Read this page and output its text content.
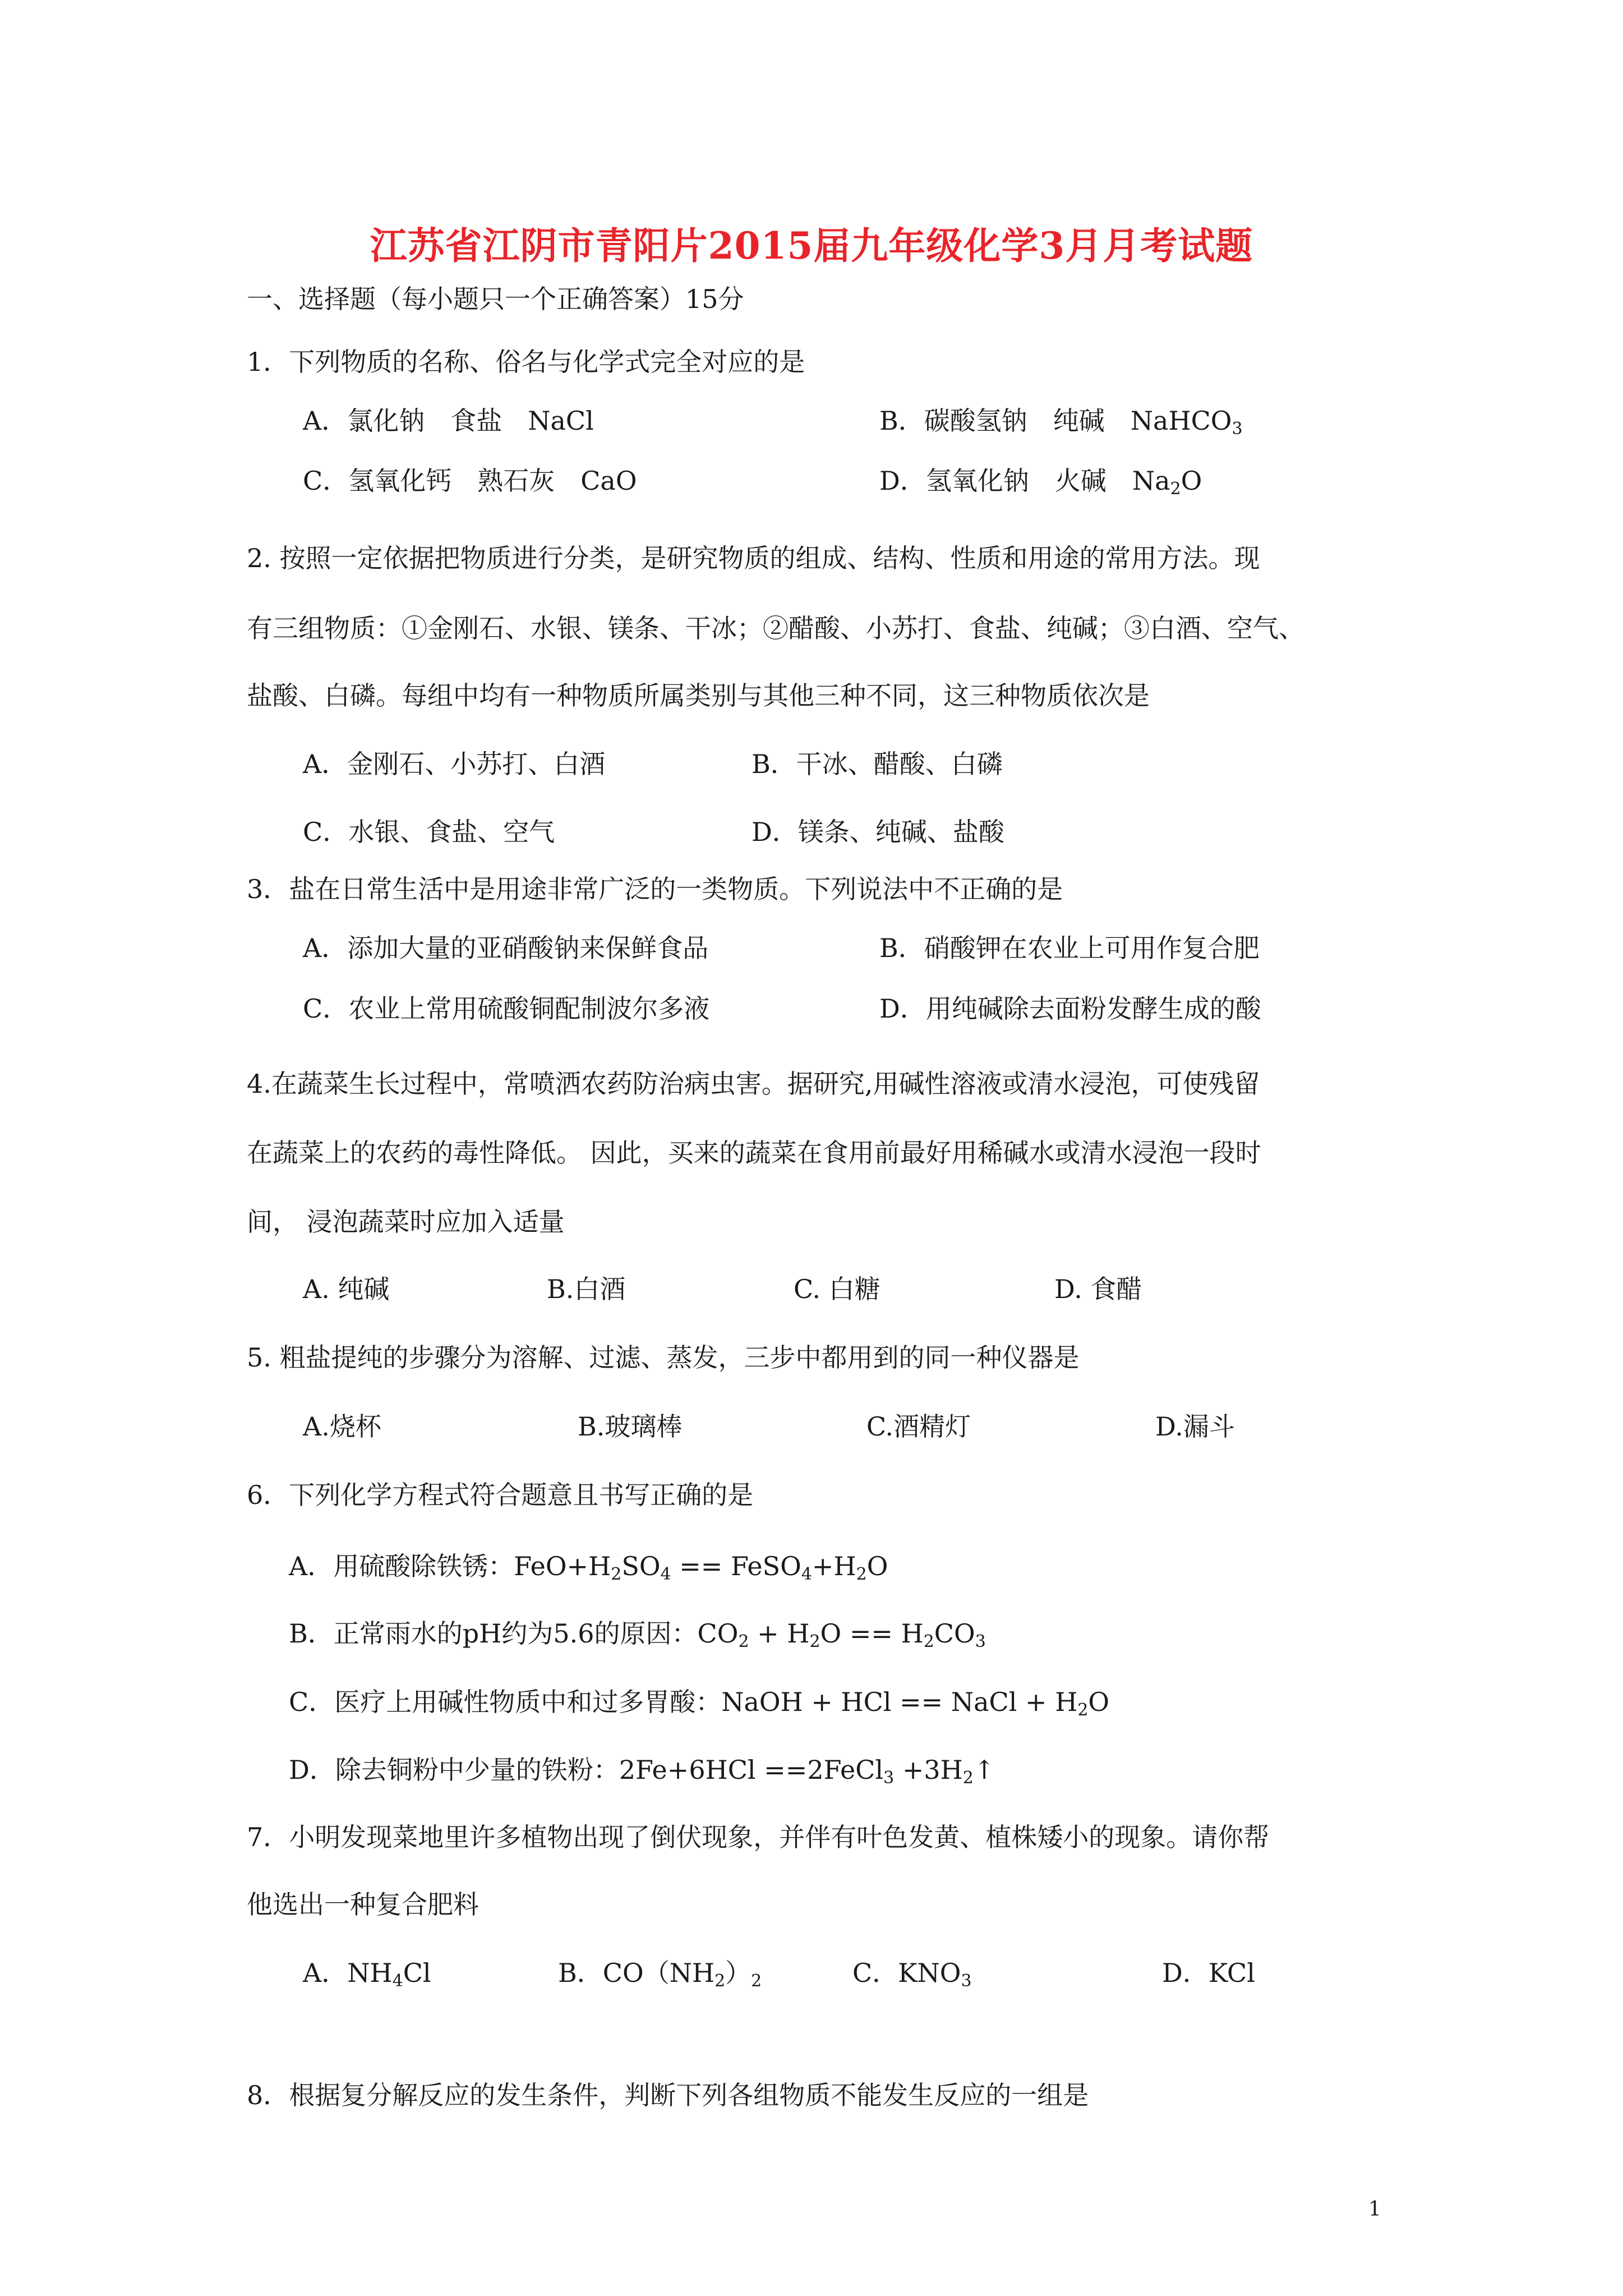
江苏省江阴市青阳片2015届九年级化学3月月考试题
一、选择题（每小题只一个正确答案）15分
1．下列物质的名称、俗名与化学式完全对应的是
A．氯化钠　食盐　NaCl	B．碳酸氢钠　纯碱　NaHCO$_3$
C．氢氧化钙　熟石灰　CaO	D．氢氧化钠　火碱　$Na_2O$
2. 按照一定依据把物质进行分类，是研究物质的组成、结构、性质和用途的常用方法。现
有三组物质：①金刚石、水银、镁条、干冰；②醋酸、小苏打、食盐、纯碱；③白酒、空气、
盐酸、白磷。每组中均有一种物质所属类别与其他三种不同，这三种物质依次是
A．金刚石、小苏打、白酒	B．干冰、醋酸、白磷
C．水银、食盐、空气	D．镁条、纯碱、盐酸
3．盐在日常生活中是用途非常广泛的一类物质。下列说法中不正确的是
A．添加大量的亚硝酸钠来保鲜食品	B．硝酸钾在农业上可用作复合肥
C．农业上常用硫酸铜配制波尔多液	D．用纯碱除去面粉发酵生成的酸
4.在蔬菜生长过程中，常喷洒农药防治病虫害。据研究,用碱性溶液或清水浸泡，可使残留
在蔬菜上的农药的毒性降低。 因此，买来的蔬菜在食用前最好用稀碱水或清水浸泡一段时
间， 浸泡蔬菜时应加入适量
A. 纯碱	B.白酒	C. 白糖	D. 食醋
5. 粗盐提纯的步骤分为溶解、过滤、蒸发，三步中都用到的同一种仪器是
A.烧杯	B.玻璃棒	C.酒精灯	D.漏斗
6．下列化学方程式符合题意且书写正确的是
A．用硫酸除铁锈：$FeO+H_2SO_4$ == $FeSO_4+H_2O$
B．正常雨水的pH约为5.6的原因：$CO_2 + H_2O == H_2CO_3$
C．医疗上用碱性物质中和过多胃酸：NaOH + HCl == NaCl + $H_2O$
D．除去铜粉中少量的铁粉：2Fe+6HCl ==2FeCl$_3$ $+3H_2↑$
7．小明发现菜地里许多植物出现了倒伏现象，并伴有叶色发黄、植株矮小的现象。请你帮
他选出一种复合肥料
A．$NH_4Cl$	B．$CO(NH_2)_2$	C．$KNO_3$	D．KCl
8．根据复分解反应的发生条件，判断下列各组物质不能发生反应的一组是
1
